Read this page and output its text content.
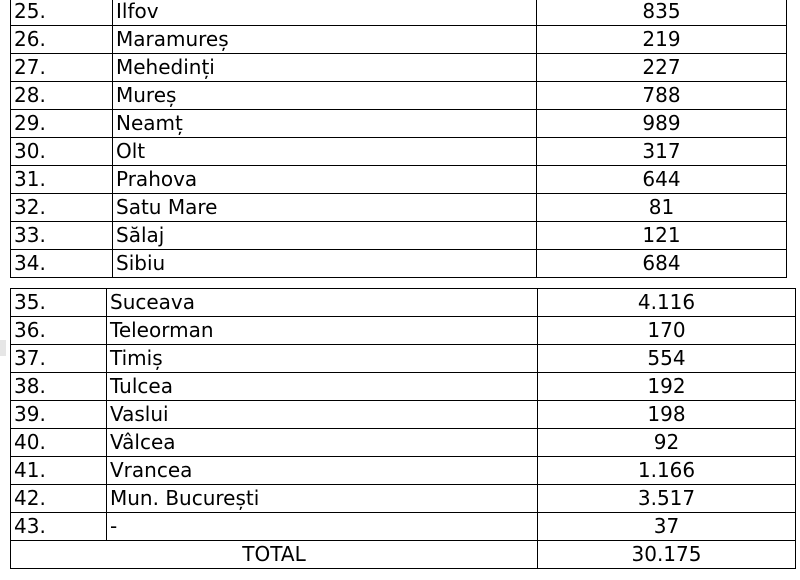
25.	Ilfov	835
26.	Maramureș	219
27.	Mehedinți	227
28.	Mureș	788
29.	Neamț	989
30.	Olt	317
31.	Prahova	644
32.	Satu Mare	81
33.	Sălaj	121
34.	Sibiu	684
35.	Suceava	4.116
36.	Teleorman	170
37.	Timiș	554
38.	Tulcea	192
39.	Vaslui	198
40.	Vâlcea	92
41.	Vrancea	1.166
42.	Mun. București	3.517
43.	-	37
TOTAL		30.175
